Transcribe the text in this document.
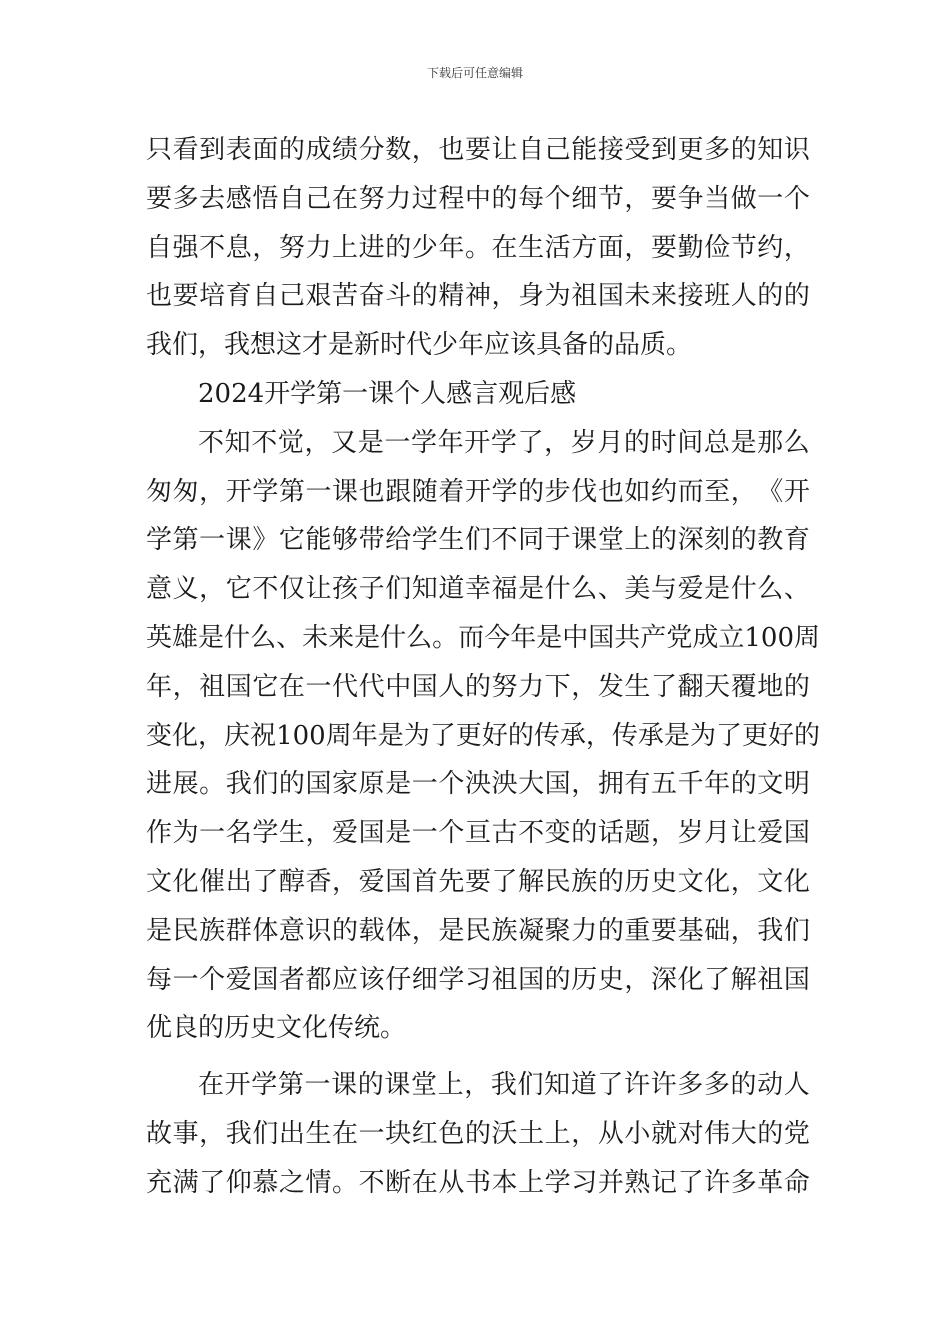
下载后可任意编辑
只 看 到 表 面 的 成 绩 分 数 ， 也 要 让 自 己 能 接 受 到 更 多 的 知 识
要 多 去 感 悟 自 己 在 努 力 过 程 中 的 每 个 细 节 ， 要 争 当 做 一 个
自 强 不 息 ， 努 力 上 进 的 少 年 。 在 生 活 方 面 ， 要 勤 俭 节 约 ，
也 要 培 育 自 己 艰 苦 奋 斗 的 精 神 ， 身 为 祖 国 未 来 接 班 人 的 的
我们，我想这才是新时代少年应该具备的品质。
2024开学第一课个人感言观后感
不 知 不 觉 ， 又 是 一 学 年 开 学 了 ， 岁 月 的 时 间 总 是 那 么
匆 匆 ， 开 学 第 一 课 也 跟 随 着 开 学 的 步 伐 也 如 约 而 至 ， 《 开
学 第 一 课 》 它 能 够 带 给 学 生 们 不 同 于 课 堂 上 的 深 刻 的 教 育
意 义 ， 它 不 仅 让 孩 子 们 知 道 幸 福 是 什 么 、 美 与 爱 是 什 么 、
英 雄 是 什 么 、 未 来 是 什 么 。 而 今 年 是 中 国 共 产 党 成 立 100 周
年 ， 祖 国 它 在 一 代 代 中 国 人 的 努 力 下 ， 发 生 了 翻 天 覆 地 的
变 化 ， 庆 祝 100 周 年 是 为 了 更 好 的 传 承 ， 传 承 是 为 了 更 好 的
进 展 。 我 们 的 国 家 原 是 一 个 泱 泱 大 国 ， 拥 有 五 千 年 的 文 明
作 为 一 名 学 生 ， 爱 国 是 一 个 亘 古 不 变 的 话 题 ， 岁 月 让 爱 国
文 化 催 出 了 醇 香 ， 爱 国 首 先 要 了 解 民 族 的 历 史 文 化 ， 文 化
是 民 族 群 体 意 识 的 载 体 ， 是 民 族 凝 聚 力 的 重 要 基 础 ， 我 们
每 一 个 爱 国 者 都 应 该 仔 细 学 习 祖 国 的 历 史 ， 深 化 了 解 祖 国
优良的历史文化传统。
在 开 学 第 一 课 的 课 堂 上 ， 我 们 知 道 了 许 许 多 多 的 动 人
故 事 ， 我 们 出 生 在 一 块 红 色 的 沃 土 上 ， 从 小 就 对 伟 大 的 党
充 满 了 仰 慕 之 情 。 不 断 在 从 书 本 上 学 习 并 熟 记 了 许 多 革 命
